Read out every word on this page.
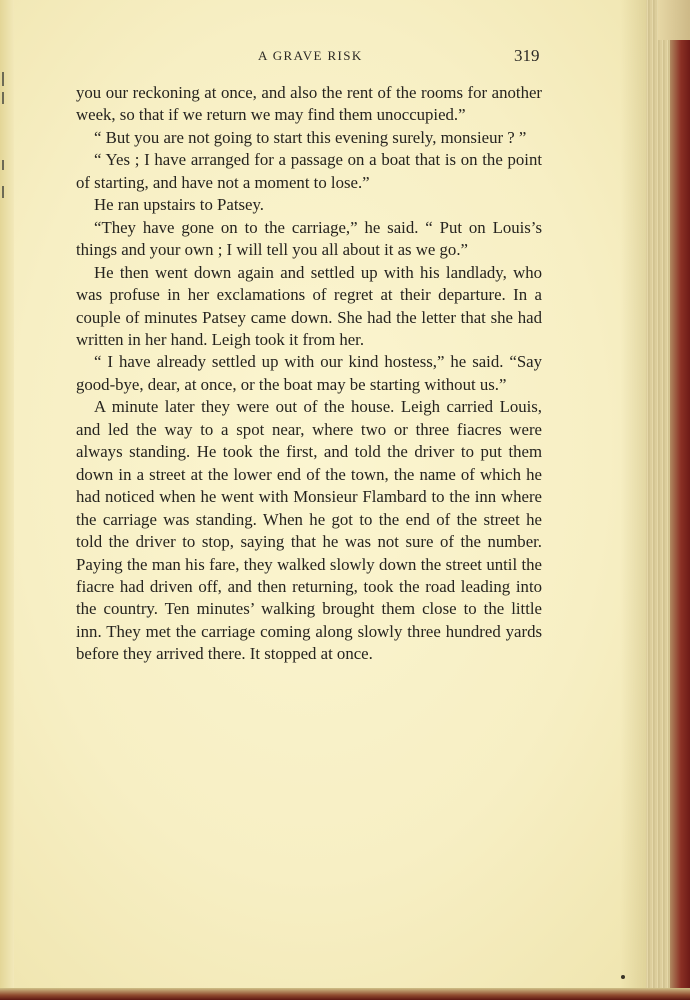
A GRAVE RISK	319

you our reckoning at once, and also the rent of the rooms for another week, so that if we return we may find them unoccupied.”

“ But you are not going to start this evening surely, monsieur ? ”

“ Yes ; I have arranged for a passage on a boat that is on the point of starting, and have not a moment to lose.”

He ran upstairs to Patsey.

“They have gone on to the carriage,” he said. “ Put on Louis’s things and your own ; I will tell you all about it as we go.”

He then went down again and settled up with his landlady, who was profuse in her exclamations of regret at their departure. In a couple of minutes Patsey came down. She had the letter that she had written in her hand. Leigh took it from her.

“ I have already settled up with our kind hostess,” he said. “Say good-bye, dear, at once, or the boat may be starting without us.”

A minute later they were out of the house. Leigh carried Louis, and led the way to a spot near, where two or three fiacres were always standing. He took the first, and told the driver to put them down in a street at the lower end of the town, the name of which he had noticed when he went with Monsieur Flambard to the inn where the carriage was standing. When he got to the end of the street he told the driver to stop, saying that he was not sure of the number. Paying the man his fare, they walked slowly down the street until the fiacre had driven off, and then returning, took the road leading into the country. Ten minutes’ walking brought them close to the little inn. They met the carriage coming along slowly three hundred yards before they arrived there. It stopped at once.
